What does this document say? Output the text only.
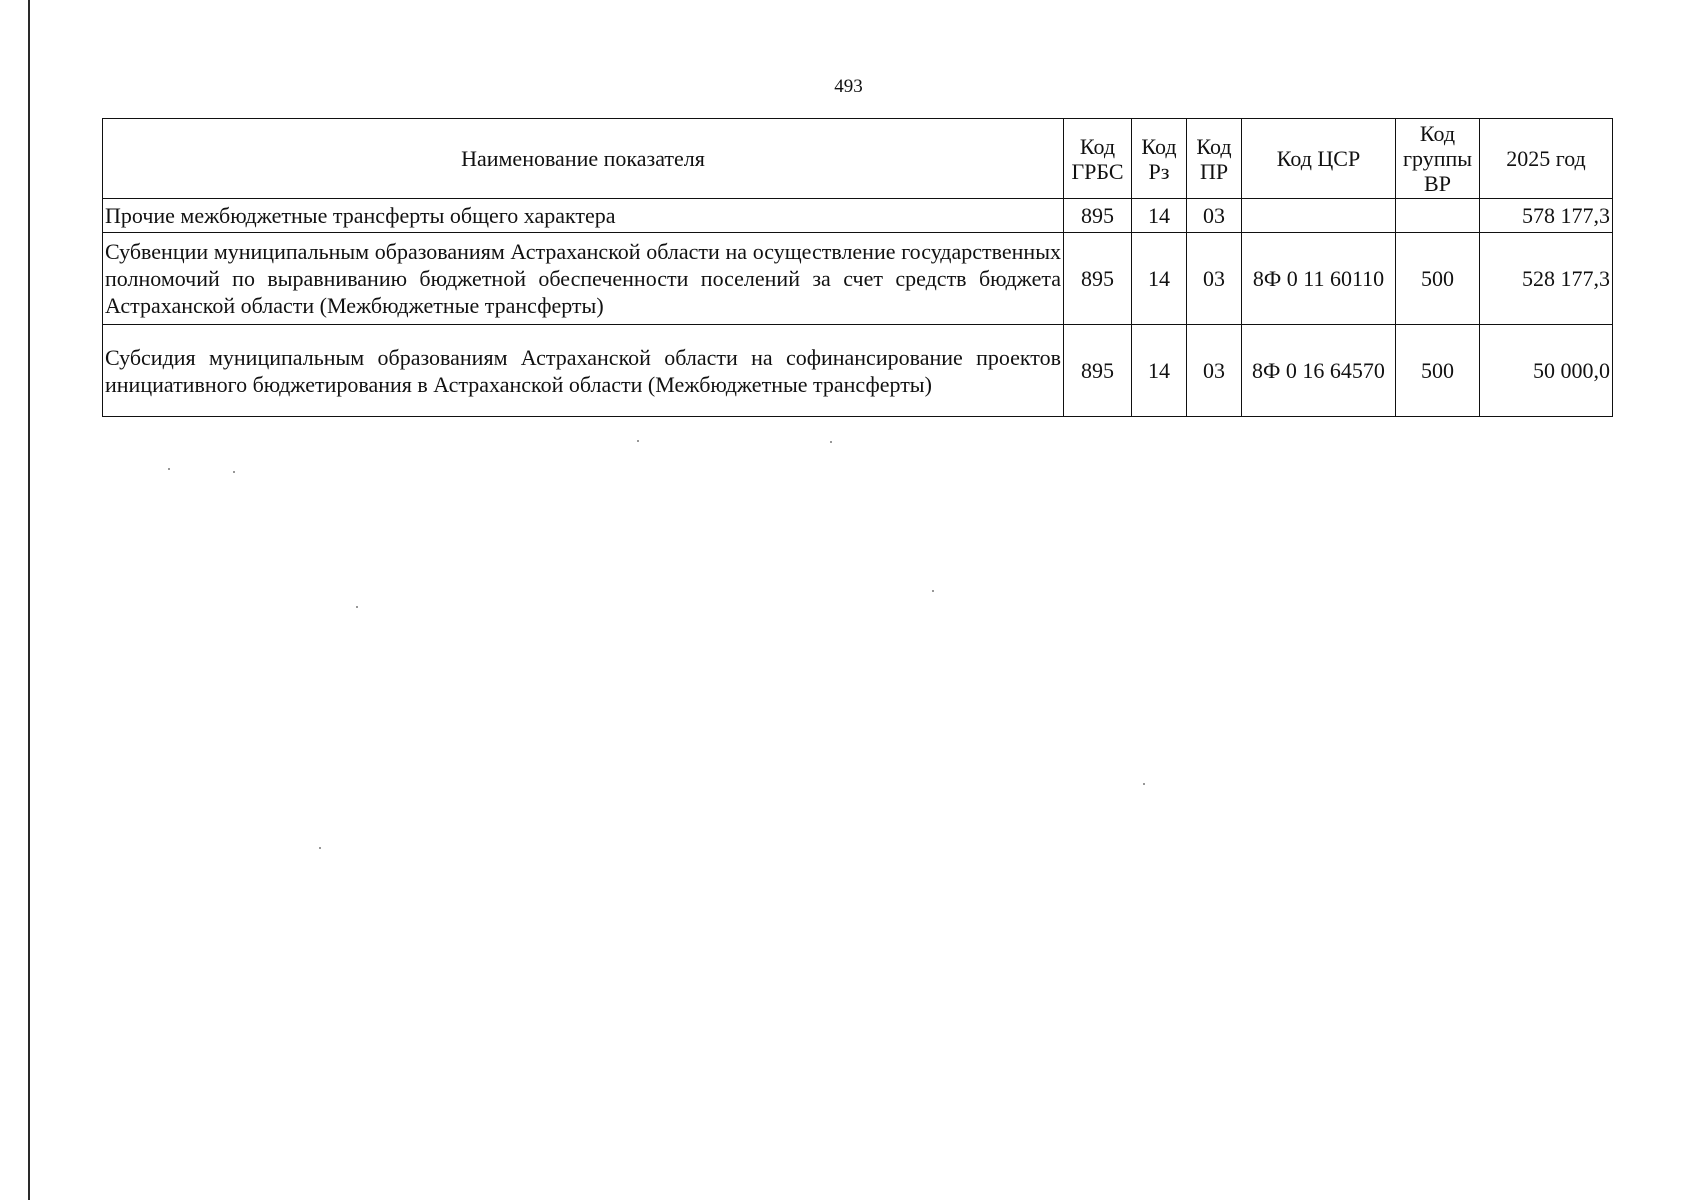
493
Наименование показателя	Код ГРБС	Код Рз	Код ПР	Код ЦСР	Код группы ВР	2025 год
Прочие межбюджетные трансферты общего характера	895	14	03			578 177,3
Субвенции муниципальным образованиям Астраханской области на осуществление государственных полномочий по выравниванию бюджетной обеспеченности поселений за счет средств бюджета Астраханской области (Межбюджетные трансферты)	895	14	03	8Ф 0 11 60110	500	528 177,3
Субсидия муниципальным образованиям Астраханской области на софинансирование проектов инициативного бюджетирования в Астраханской области (Межбюджетные трансферты)	895	14	03	8Ф 0 16 64570	500	50 000,0
